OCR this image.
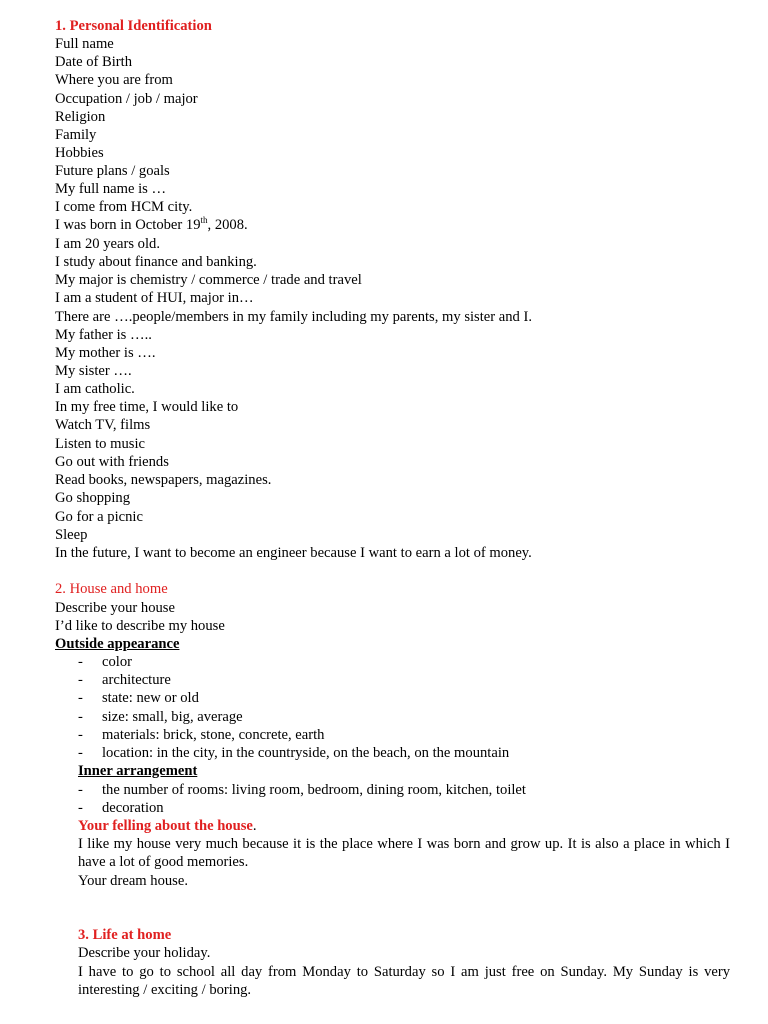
1. Personal Identification
Full name
Date of Birth
Where you are from
Occupation / job / major
Religion
Family
Hobbies
Future plans / goals
My full name is …
I come from HCM city.
I was born in October 19th, 2008.
I am 20 years old.
I study about finance and banking.
My major is chemistry / commerce / trade and travel
I am a student of HUI, major in…
There are ….people/members in my family including my parents, my sister and I.
My father is …..
My mother is ….
My sister ….
I am catholic.
In my free time, I would like to
Watch TV, films
Listen to music
Go out with friends
Read books, newspapers, magazines.
Go shopping
Go for a picnic
Sleep
In the future, I want to become an engineer because I want to earn a lot of money.
2. House and home
Describe your house
I’d like to describe my house
Outside appearance
- color
- architecture
- state: new or old
- size: small, big, average
- materials: brick, stone, concrete, earth
- location: in the city, in the countryside, on the beach, on the mountain
Inner arrangement
- the number of rooms: living room, bedroom, dining room, kitchen, toilet
- decoration
Your felling about the house.
I like my house very much because it is the place where I was born and grow up. It is also a place in which I have a lot of good memories.
Your dream house.
3. Life at home
Describe your holiday.
I have to go to school all day from Monday to Saturday so I am just free on Sunday. My Sunday is very interesting / exciting / boring.
